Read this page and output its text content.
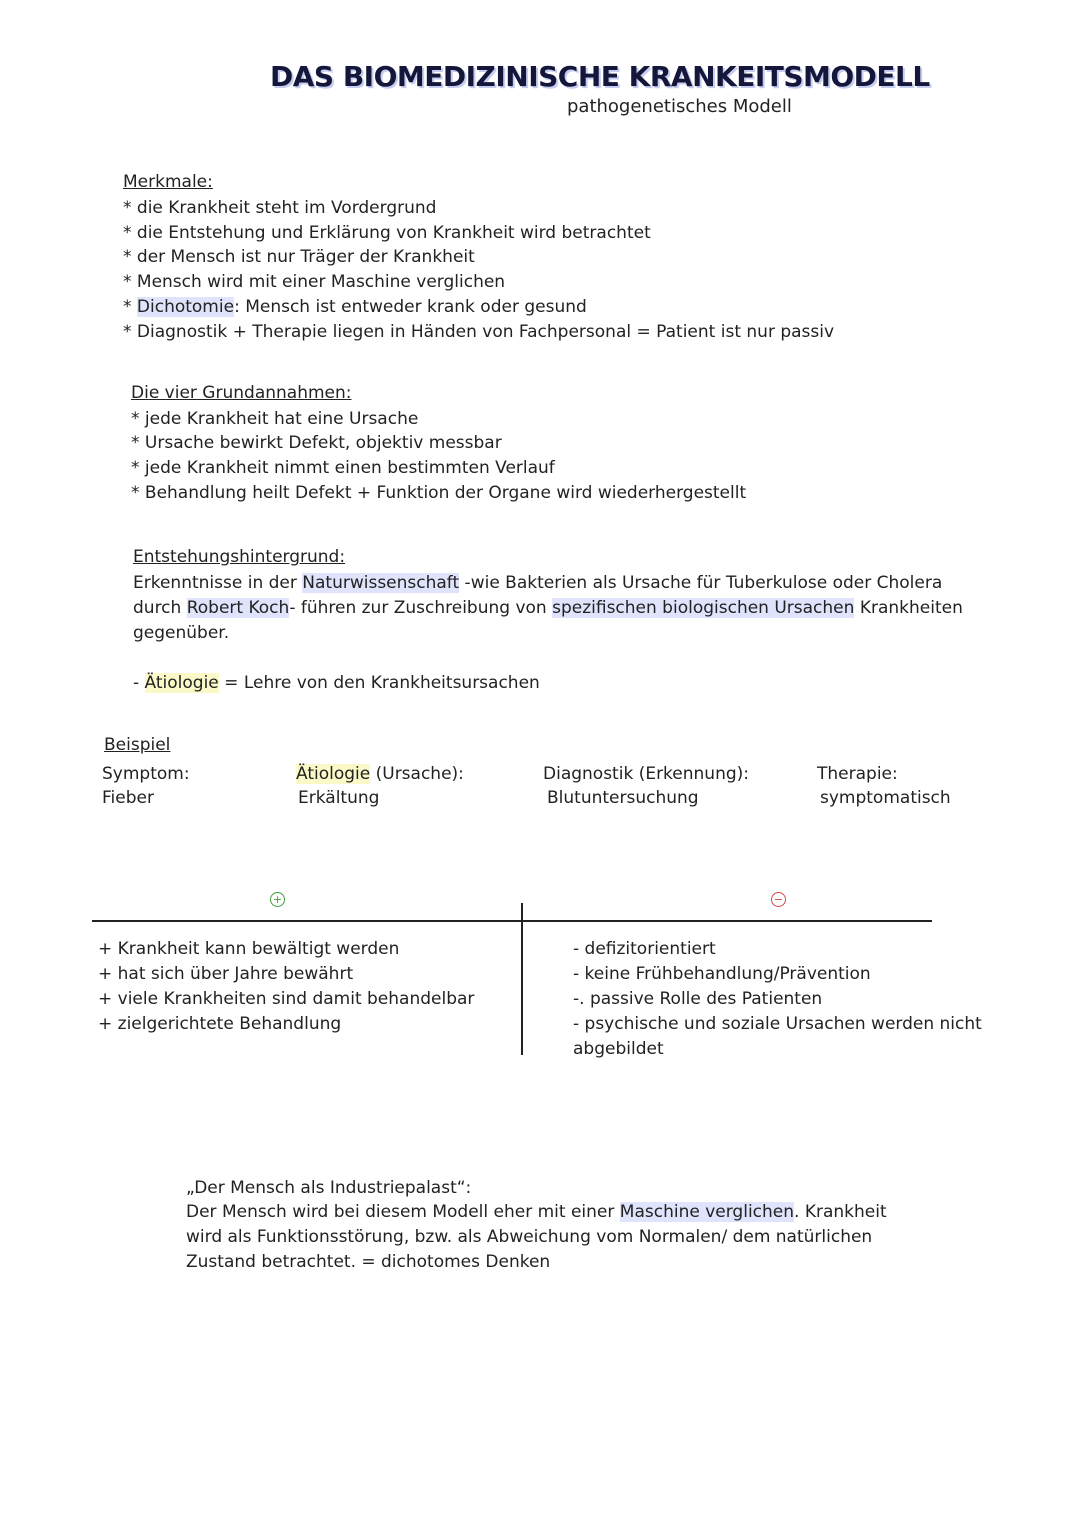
DAS BIOMEDIZINISCHE KRANKEITSMODELL
pathogenetisches Modell
Merkmale:
* die Krankheit steht im Vordergrund
* die Entstehung und Erklärung von Krankheit wird betrachtet
* der Mensch ist nur Träger der Krankheit
* Mensch wird mit einer Maschine verglichen
* Dichotomie: Mensch ist entweder krank oder gesund
* Diagnostik + Therapie liegen in Händen von Fachpersonal = Patient ist nur passiv
Die vier Grundannahmen:
* jede Krankheit hat eine Ursache
* Ursache bewirkt Defekt, objektiv messbar
* jede Krankheit nimmt einen bestimmten Verlauf
* Behandlung heilt Defekt + Funktion der Organe wird wiederhergestellt
Entstehungshintergrund:
Erkenntnisse in der Naturwissenschaft -wie Bakterien als Ursache für Tuberkulose oder Cholera
durch Robert Koch- führen zur Zuschreibung von spezifischen biologischen Ursachen Krankheiten
gegenüber.
- Ätiologie = Lehre von den Krankheitsursachen
Beispiel
Symptom:
Fieber
Ätiologie (Ursache):
Erkältung
Diagnostik (Erkennung):
Blutuntersuchung
Therapie:
symptomatisch
+	−
+ Krankheit kann bewältigt werden
+ hat sich über Jahre bewährt
+ viele Krankheiten sind damit behandelbar
+ zielgerichtete Behandlung
- defizitorientiert
- keine Frühbehandlung/Prävention
-. passive Rolle des Patienten
- psychische und soziale Ursachen werden nicht
abgebildet
„Der Mensch als Industriepalast“:
Der Mensch wird bei diesem Modell eher mit einer Maschine verglichen. Krankheit
wird als Funktionsstörung, bzw. als Abweichung vom Normalen/ dem natürlichen
Zustand betrachtet. = dichotomes Denken
